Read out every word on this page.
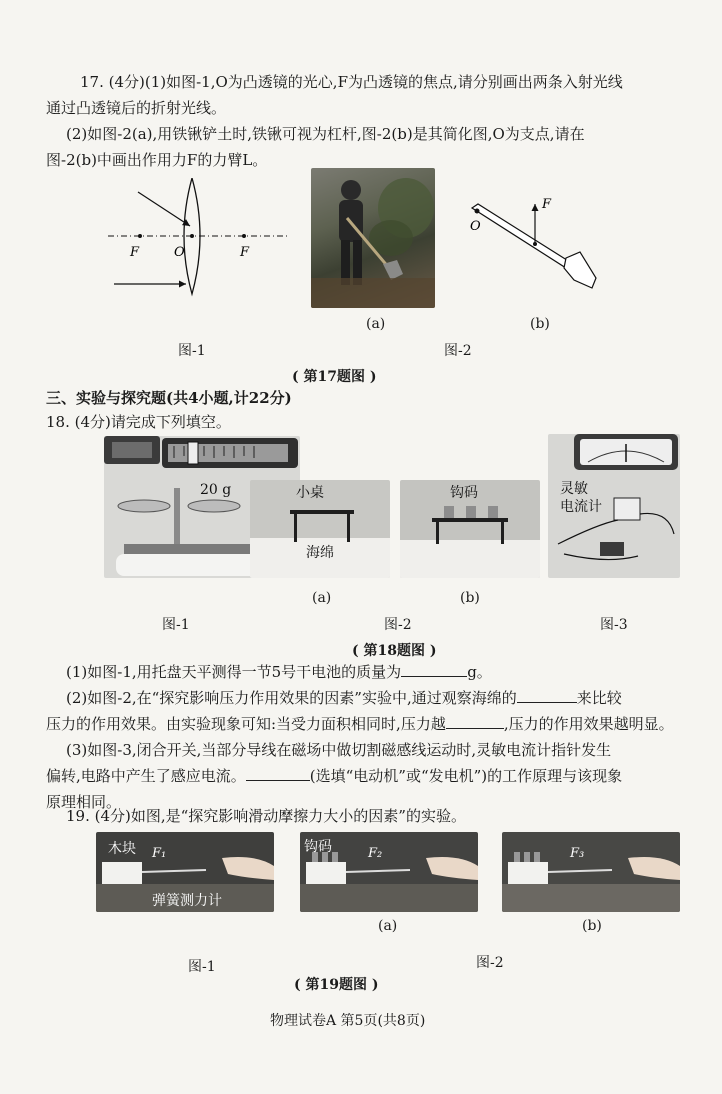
17. (4分)(1)如图-1,O为凸透镜的光心,F为凸透镜的焦点,请分别画出两条入射光线
通过凸透镜后的折射光线。
(2)如图-2(a),用铁锹铲土时,铁锹可视为杠杆,图-2(b)是其简化图,O为支点,请在
图-2(b)中画出作用力F的力臂L。
F	O	F
O
F
(a)	(b)
图-1	图-2
( 第17题图 )
三、实验与探究题(共4小题,计22分)
18. (4分)请完成下列填空。
20 g	小桌
海绵
钩码	灵敏
电流计
(a)	(b)
图-1	图-2	图-3
( 第18题图 )
(1)如图-1,用托盘天平测得一节5号干电池的质量为	g。
(2)如图-2,在“探究影响压力作用效果的因素”实验中,通过观察海绵的	来比较
压力的作用效果。由实验现象可知:当受力面积相同时,压力越	,压力的作用效果越明显。
(3)如图-3,闭合开关,当部分导线在磁场中做切割磁感线运动时,灵敏电流计指针发生
偏转,电路中产生了感应电流。	(选填“电动机”或“发电机”)的工作原理与该现象
原理相同。
19. (4分)如图,是“探究影响滑动摩擦力大小的因素”的实验。
木块 F₁
弹簧测力计
钩码	F₂	F₃
(a)	(b)
图-1	图-2
( 第19题图 )
物理试卷A 第5页(共8页)
